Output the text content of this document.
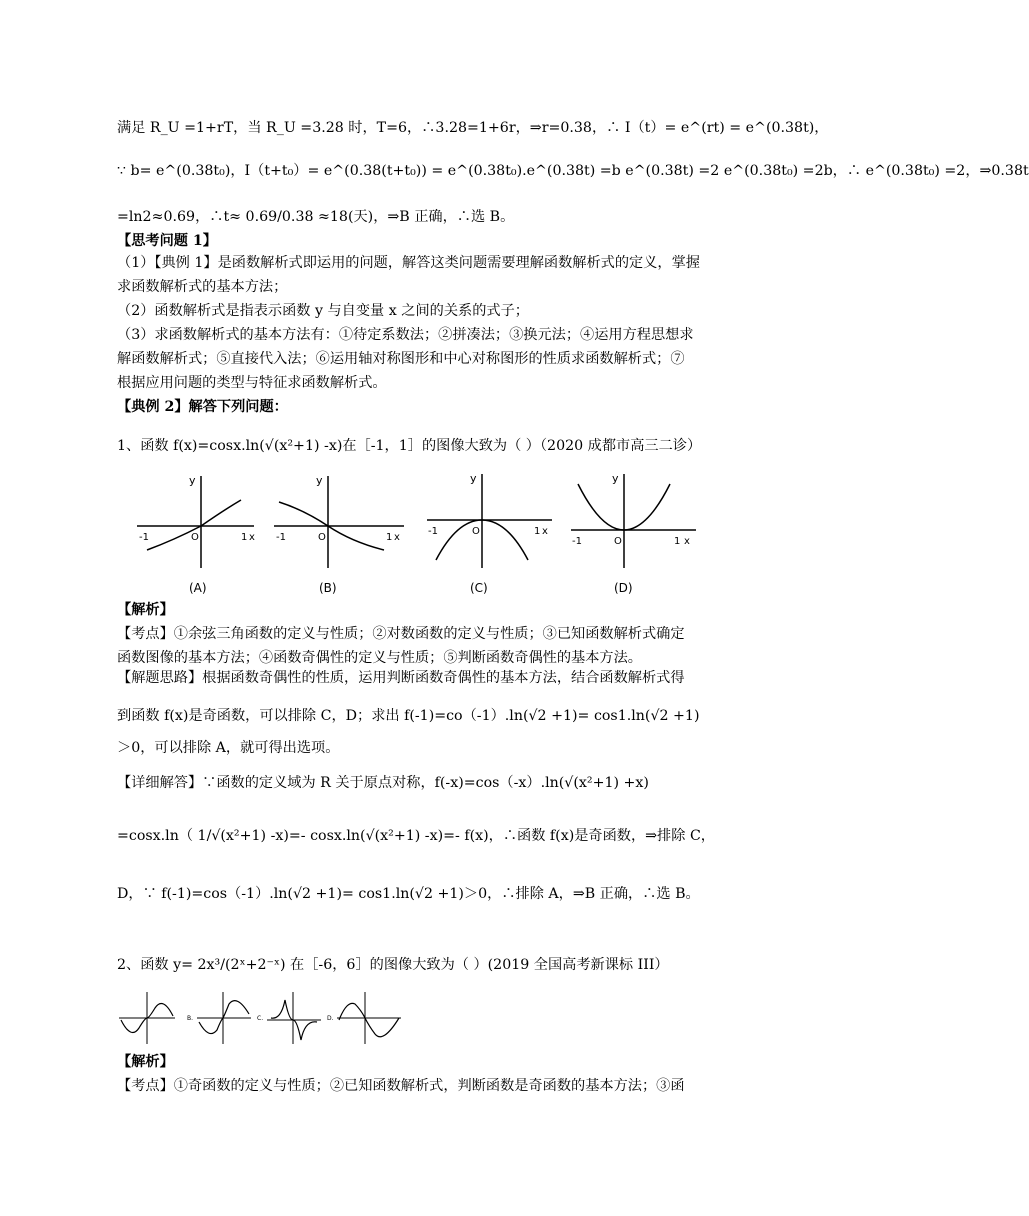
满足 R_U =1+rT，当 R_U =3.28 时，T=6，∴3.28=1+6r，⇒r=0.38，∴ I（t）= e^(rt) = e^(0.38t)，
∵ b= e^(0.38t₀)，I（t+t₀）= e^(0.38(t+t₀)) = e^(0.38t₀).e^(0.38t) =b e^(0.38t) =2 e^(0.38t₀) =2b，∴ e^(0.38t₀) =2，⇒0.38t
=ln2≈0.69，∴t≈ 0.69/0.38 ≈18(天)，⇒B 正确，∴选 B。
【思考问题 1】
（1）【典例 1】是函数解析式即运用的问题，解答这类问题需要理解函数解析式的定义，掌握
求函数解析式的基本方法；
（2）函数解析式是指表示函数 y 与自变量 x 之间的关系的式子；
（3）求函数解析式的基本方法有：①待定系数法；②拼凑法；③换元法；④运用方程思想求
解函数解析式；⑤直接代入法；⑥运用轴对称图形和中心对称图形的性质求函数解析式；⑦
根据应用问题的类型与特征求函数解析式。
【典例 2】解答下列问题：
1、函数 f(x)=cosx.ln(√(x²+1) -x)在［-1，1］的图像大致为（ ）（2020 成都市高三二诊）
y
-1	O	1 x
(A)
y
-1	O	1 x
(B)
y
-1	O	1 x
(C)
y
-1	O	1 x
(D)
【解析】
【考点】①余弦三角函数的定义与性质；②对数函数的定义与性质；③已知函数解析式确定
函数图像的基本方法；④函数奇偶性的定义与性质；⑤判断函数奇偶性的基本方法。
【解题思路】根据函数奇偶性的性质，运用判断函数奇偶性的基本方法，结合函数解析式得
到函数 f(x)是奇函数，可以排除 C，D；求出 f(-1)=co（-1）.ln(√2 +1)= cos1.ln(√2 +1)
＞0，可以排除 A，就可得出选项。
【详细解答】∵函数的定义域为 R 关于原点对称，f(-x)=cos（-x）.ln(√(x²+1) +x)
=cosx.ln（ 1/√(x²+1) -x)=- cosx.ln(√(x²+1) -x)=- f(x)，∴函数 f(x)是奇函数，⇒排除 C，
D，∵ f(-1)=cos（-1）.ln(√2 +1)= cos1.ln(√2 +1)＞0，∴排除 A，⇒B 正确，∴选 B。
2、函数 y= 2x³/(2ˣ+2⁻ˣ) 在［-6，6］的图像大致为（ ）(2019 全国高考新课标 III）
B.	C.	D.
【解析】
【考点】①奇函数的定义与性质；②已知函数解析式，判断函数是奇函数的基本方法；③函
